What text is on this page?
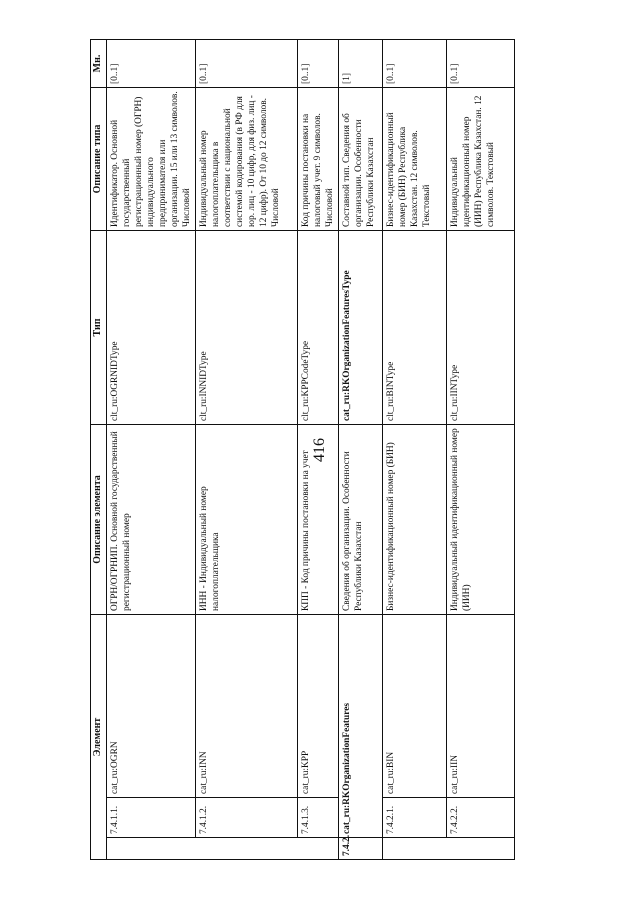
416
Элемент			Описание элемента	Тип	Описание типа	Мн.
	7.4.1.1.	cat_ru:OGRN	ОГРН/ОГРНИП. Основной государственный регистрационный номер	clt_ru:OGRNIDType	Идентификатор. Основной государственный регистрационный номер (ОГРН) индивидуального предпринимателя или организации. 15 или 13 символов. Числовой	[0..1]
	7.4.1.2.	cat_ru:INN	ИНН - Индивидуальный номер налогоплательщика	clt_ru:INNIDType	Индивидуальный номер налогоплательщика в соответствии с национальной системой кодирования (в РФ для юр. лиц - 10 цифр, для физ. лиц - 12 цифр). От 10 до 12 символов. Числовой	[0..1]
	7.4.1.3.	cat_ru:KPP	КПП - Код причины постановки на учет	clt_ru:KPPCodeType	Код причины постановки на налоговый учет. 9 символов. Числовой	[0..1]
7.4.2.	cat_ru:RKOrganizationFeatures		Сведения об организации. Особенности Республики Казахстан	cat_ru:RKOrganizationFeaturesType	Составной тип. Сведения об организации. Особенности Республики Казахстан	[1]
	7.4.2.1.	cat_ru:BIN	Бизнес-идентификационный номер (БИН)	clt_ru:BINType	Бизнес-идентификационный номер (БИН) Республика Казахстан. 12 символов. Текстовый	[0..1]
	7.4.2.2.	cat_ru:IIN	Индивидуальный идентификационный номер (ИИН)	clt_ru:IINType	Индивидуальный идентификационный номер (ИИН) Республика Казахстан. 12 символов. Текстовый	[0..1]
